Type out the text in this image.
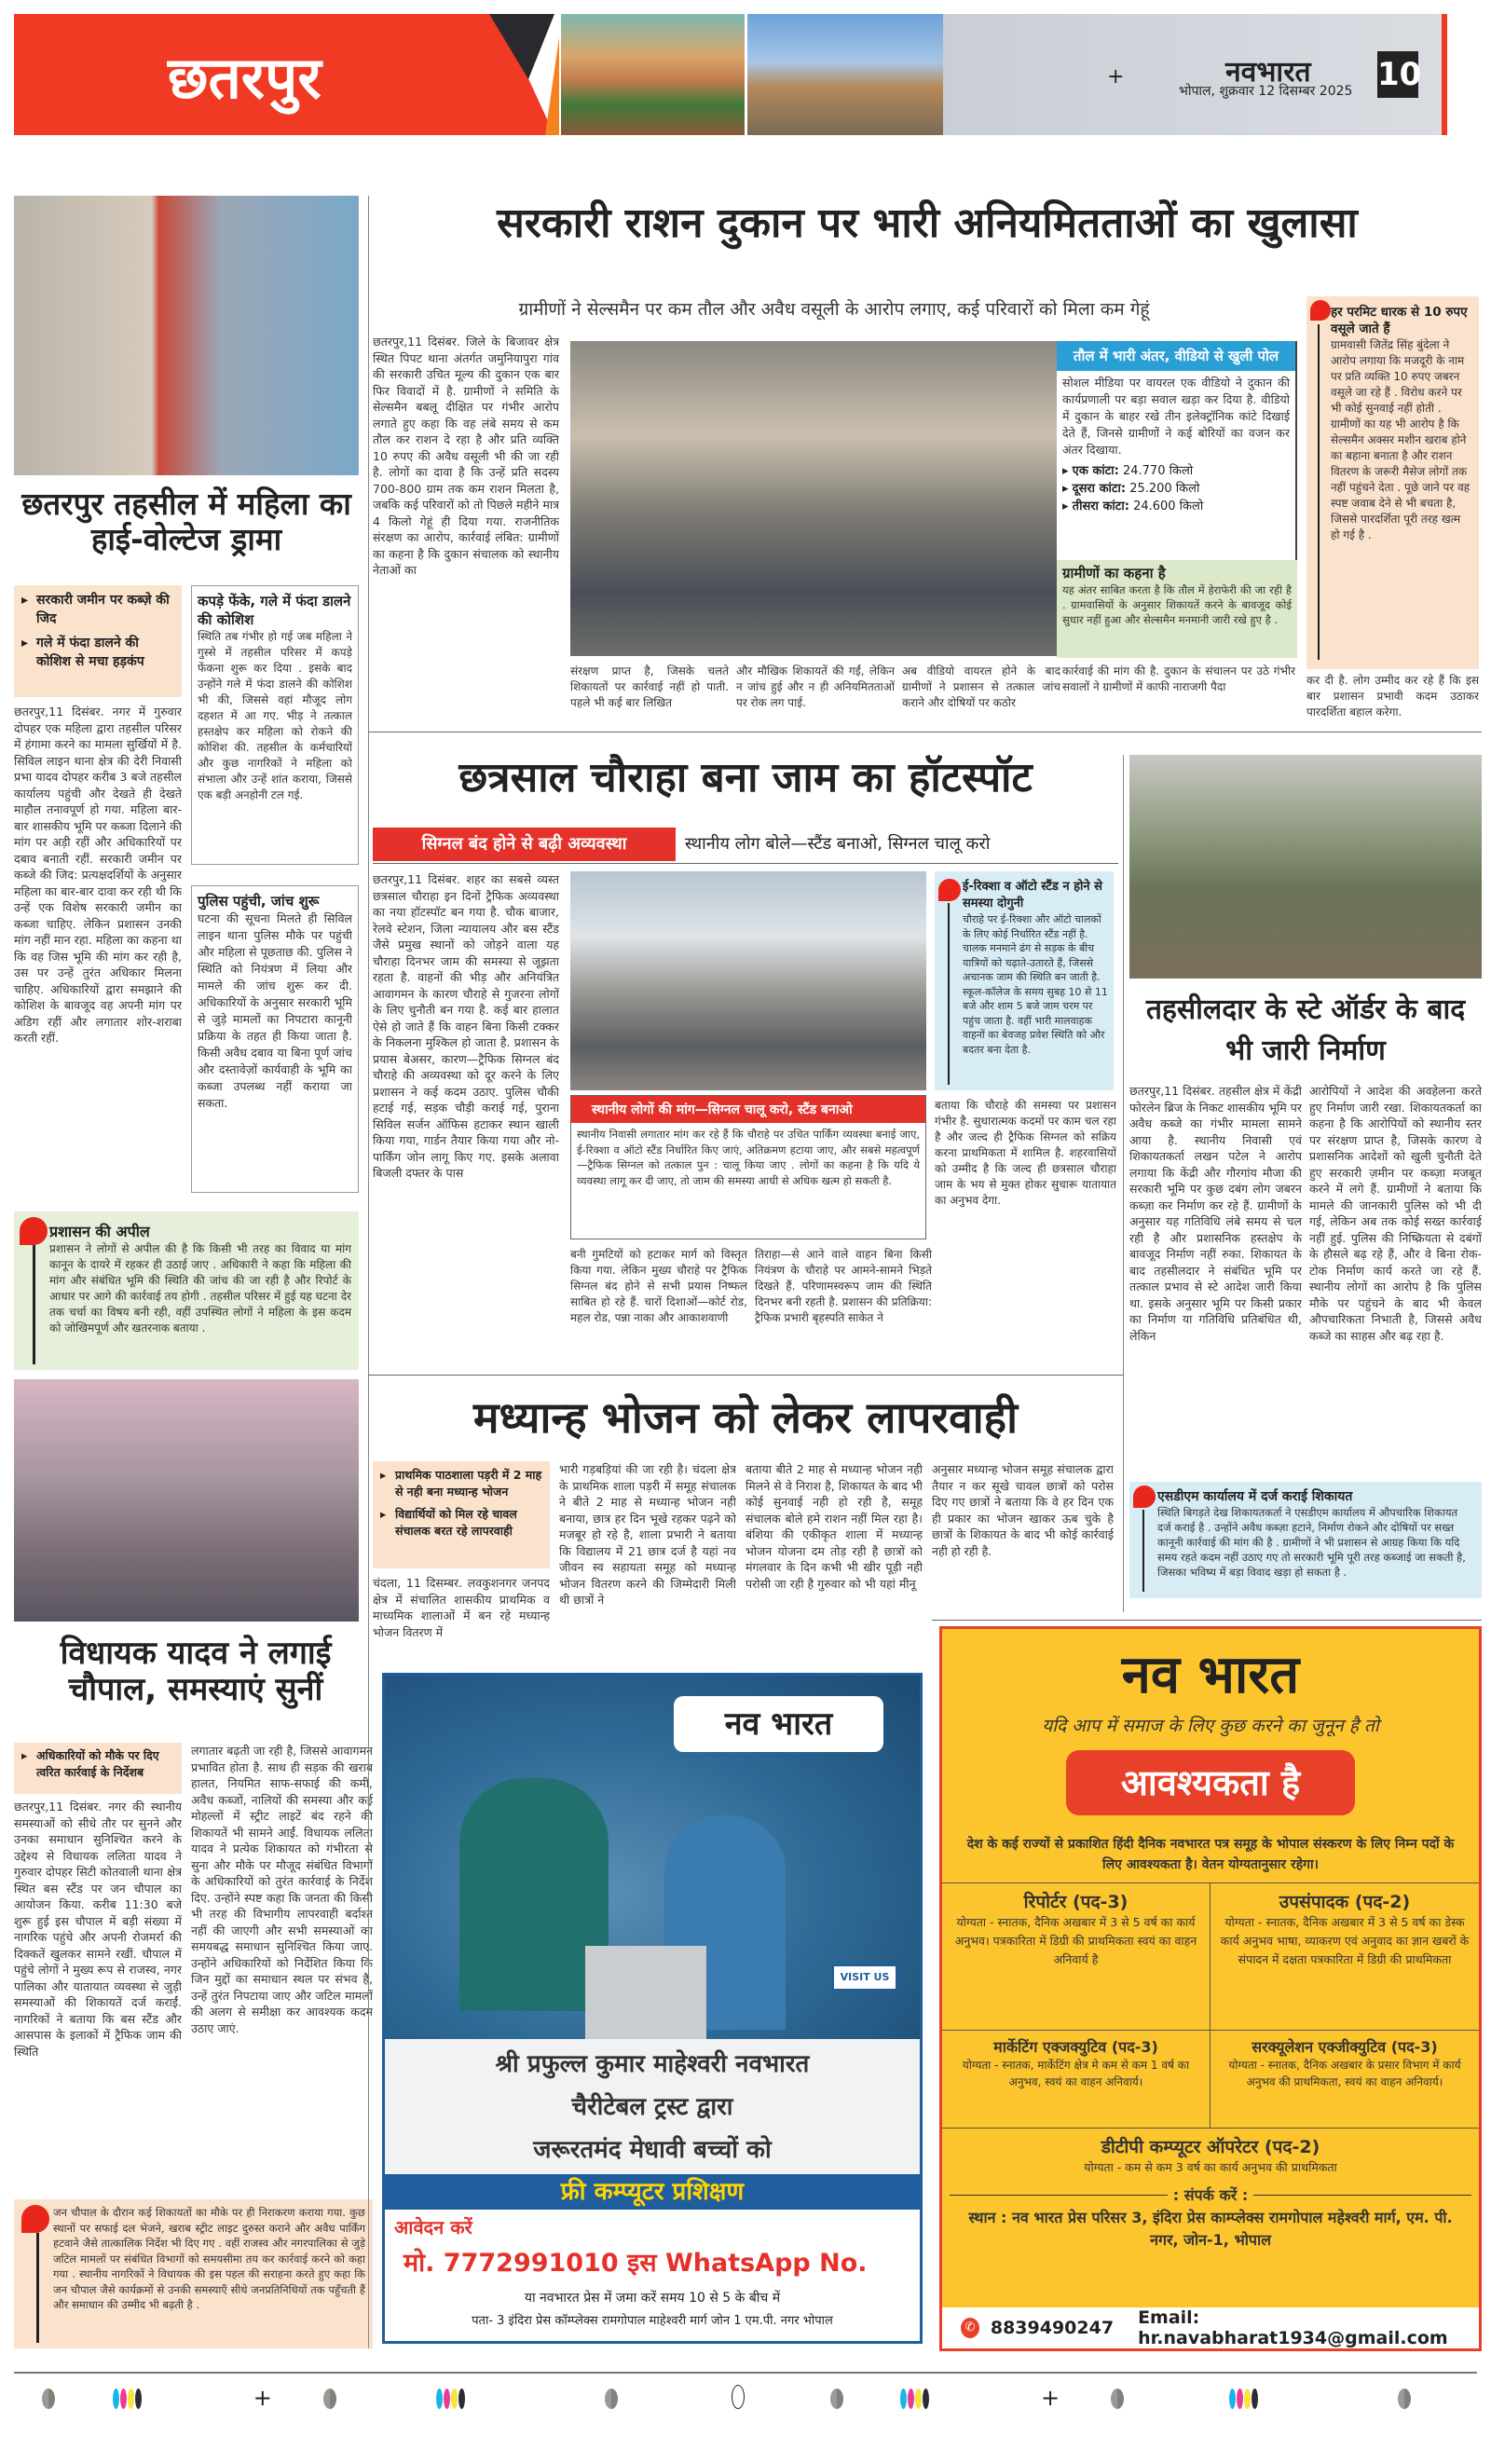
छतरपुर	+	नवभारत
भोपाल, शुक्रवार 12 दिसम्बर 2025 10
छतरपुर तहसील में महिला का हाई-वोल्टेज ड्रामा
▸ सरकारी जमीन पर कब्ज़े की जिद
▸ गले में फंदा डालने की कोशिश से मचा हड़कंप
छतरपुर,11 दिसंबर. नगर में गुरुवार दोपहर एक महिला द्वारा तहसील परिसर में हंगामा करने का मामला सुर्खियों में है. सिविल लाइन थाना क्षेत्र की देरी निवासी प्रभा यादव दोपहर करीब 3 बजे तहसील कार्यालय पहुंची और देखते ही देखते माहौल तनावपूर्ण हो गया. महिला बार-बार शासकीय भूमि पर कब्जा दिलाने की मांग पर अड़ी रहीं और अधिकारियों पर दबाव बनाती रहीं. सरकारी जमीन पर कब्जे की जिद: प्रत्यक्षदर्शियों के अनुसार महिला का बार-बार दावा कर रही थी कि उन्हें एक विशेष सरकारी जमीन का कब्जा चाहिए. लेकिन प्रशासन उनकी मांग नहीं मान रहा. महिला का कहना था कि वह जिस भूमि की मांग कर रही है, उस पर उन्हें तुरंत अधिकार मिलना चाहिए. अधिकारियों द्वारा समझाने की कोशिश के बावजूद वह अपनी मांग पर अडिग रहीं और लगातार शोर-शराबा करती रहीं.
कपड़े फेंके, गले में फंदा डालने की कोशिश
स्थिति तब गंभीर हो गई जब महिला ने गुस्से में तहसील परिसर में कपड़े फेंकना शुरू कर दिया . इसके बाद उन्होंने गले में फंदा डालने की कोशिश भी की, जिससे वहां मौजूद लोग दहशत में आ गए. भीड़ ने तत्काल हस्तक्षेप कर महिला को रोकने की कोशिश की. तहसील के कर्मचारियों और कुछ नागरिकों ने महिला को संभाला और उन्हें शांत कराया, जिससे एक बड़ी अनहोनी टल गई.
पुलिस पहुंची, जांच शुरू
घटना की सूचना मिलते ही सिविल लाइन थाना पुलिस मौके पर पहुंची और महिला से पूछताछ की. पुलिस ने स्थिति को नियंत्रण में लिया और मामले की जांच शुरू कर दी. अधिकारियों के अनुसार सरकारी भूमि से जुड़े मामलों का निपटारा कानूनी प्रक्रिया के तहत ही किया जाता है. किसी अवैध दबाव या बिना पूर्ण जांच और दस्तावेज़ों कार्यवाही के भूमि का कब्जा उपलब्ध नहीं कराया जा सकता.
प्रशासन की अपील
प्रशासन ने लोगों से अपील की है कि किसी भी तरह का विवाद या मांग कानून के दायरे में रहकर ही उठाई जाए . अधिकारी ने कहा कि महिला की मांग और संबंधित भूमि की स्थिति की जांच की जा रही है और रिपोर्ट के आधार पर आगे की कार्रवाई तय होगी . तहसील परिसर में हुई यह घटना देर तक चर्चा का विषय बनी रही, वहीं उपस्थित लोगों ने महिला के इस कदम को जोखिमपूर्ण और खतरनाक बताया .
विधायक यादव ने लगाई चौपाल, समस्याएं सुनीं
▸ अधिकारियों को मौके पर दिए त्वरित कार्रवाई के निर्देशब
छतरपुर,11 दिसंबर. नगर की स्थानीय समस्याओं को सीधे तौर पर सुनने और उनका समाधान सुनिश्चित करने के उद्देश्य से विधायक ललिता यादव ने गुरुवार दोपहर सिटी कोतवाली थाना क्षेत्र स्थित बस स्टैंड पर जन चौपाल का आयोजन किया. करीब 11:30 बजे शुरू हुई इस चौपाल में बड़ी संख्या में नागरिक पहुंचे और अपनी रोजमर्रा की दिक्कतें खुलकर सामने रखीं. चौपाल में पहुंचे लोगों ने मुख्य रूप से राजस्व, नगर पालिका और यातायात व्यवस्था से जुड़ी समस्याओं की शिकायतें दर्ज कराईं. नागरिकों ने बताया कि बस स्टैंड और आसपास के इलाकों में ट्रैफिक जाम की स्थिति
लगातार बढ़ती जा रही है, जिससे आवागमन प्रभावित होता है. साथ ही सड़क की खराब हालत, नियमित साफ-सफाई की कमी, अवैध कब्जों, नालियों की समस्या और कई मोहल्लों में स्ट्रीट लाइटें बंद रहने की शिकायतें भी सामने आईं. विधायक ललिता यादव ने प्रत्येक शिकायत को गंभीरता से सुना और मौके पर मौजूद संबंधित विभागों के अधिकारियों को तुरंत कार्रवाई के निर्देश दिए. उन्होंने स्पष्ट कहा कि जनता की किसी भी तरह की विभागीय लापरवाही बर्दाश्त नहीं की जाएगी और सभी समस्याओं का समयबद्ध समाधान सुनिश्चित किया जाए. उन्होंने अधिकारियों को निर्देशित किया कि जिन मुद्दों का समाधान स्थल पर संभव है, उन्हें तुरंत निपटाया जाए और जटिल मामलों की अलग से समीक्षा कर आवश्यक कदम उठाए जाएं.
जन चौपाल के दौरान कई शिकायतों का मौके पर ही निराकरण कराया गया. कुछ स्थानों पर सफाई दल भेजने, खराब स्ट्रीट लाइट दुरुस्त कराने और अवैध पार्किंग हटवाने जैसे तात्कालिक निर्देश भी दिए गए . वहीं राजस्व और नगरपालिका से जुड़े जटिल मामलों पर संबंधित विभागों को समयसीमा तय कर कार्रवाई करने को कहा गया . स्थानीय नागरिकों ने विधायक की इस पहल की सराहना करते हुए कहा कि जन चौपाल जैसे कार्यक्रमों से उनकी समस्याएँ सीधे जनप्रतिनिधियों तक पहुँचती हैं और समाधान की उम्मीद भी बढ़ती है .
सरकारी राशन दुकान पर भारी अनियमितताओं का खुलासा
ग्रामीणों ने सेल्समैन पर कम तौल और अवैध वसूली के आरोप लगाए, कई परिवारों को मिला कम गेहूं
छतरपुर,11 दिसंबर. जिले के बिजावर क्षेत्र स्थित पिपट थाना अंतर्गत जमुनियापुरा गांव की सरकारी उचित मूल्य की दुकान एक बार फिर विवादों में है. ग्रामीणों ने समिति के सेल्समैन बबलू दीक्षित पर गंभीर आरोप लगाते हुए कहा कि वह लंबे समय से कम तौल कर राशन दे रहा है और प्रति व्यक्ति 10 रुपए की अवैध वसूली भी की जा रही है. लोगों का दावा है कि उन्हें प्रति सदस्य 700-800 ग्राम तक कम राशन मिलता है, जबकि कई परिवारों को तो पिछले महीने मात्र 4 किलो गेहूं ही दिया गया. राजनीतिक संरक्षण का आरोप, कार्रवाई लंबित: ग्रामीणों का कहना है कि दुकान संचालक को स्थानीय नेताओं का
संरक्षण प्राप्त है, जिसके चलते शिकायतों पर कार्रवाई नहीं हो पाती. पहले भी कई बार लिखित
और मौखिक शिकायतें की गईं, लेकिन न जांच हुई और न ही अनियमितताओं पर रोक लग पाई.
अब वीडियो वायरल होने के बाद ग्रामीणों ने प्रशासन से तत्काल जांच कराने और दोषियों पर कठोर
तौल में भारी अंतर, वीडियो से खुली पोल
सोशल मीडिया पर वायरल एक वीडियो ने दुकान की कार्यप्रणाली पर बड़ा सवाल खड़ा कर दिया है. वीडियो में दुकान के बाहर रखे तीन इलेक्ट्रॉनिक कांटे दिखाई देते हैं, जिनसे ग्रामीणों ने कई बोरियों का वजन कर अंतर दिखाया.
▸ एक कांटा: 24.770 किलो
▸ दूसरा कांटा: 25.200 किलो
▸ तीसरा कांटा: 24.600 किलो
ग्रामीणों का कहना है
यह अंतर साबित करता है कि तौल में हेराफेरी की जा रही है . ग्रामवासियों के अनुसार शिकायतें करने के बावजूद कोई सुधार नहीं हुआ और सेल्समैन मनमानी जारी रखे हुए है .
कार्रवाई की मांग की है. दुकान के संचालन पर उठे गंभीर सवालों ने ग्रामीणों में काफी नाराजगी पैदा
हर परमिट धारक से 10 रुपए वसूले जाते हैं
ग्रामवासी जितेंद्र सिंह बुंदेला ने आरोप लगाया कि मजदूरी के नाम पर प्रति व्यक्ति 10 रुपए जबरन वसूले जा रहे हैं . विरोध करने पर भी कोई सुनवाई नहीं होती . ग्रामीणों का यह भी आरोप है कि सेल्समैन अक्सर मशीन खराब होने का बहाना बनाता है और राशन वितरण के जरूरी मैसेज लोगों तक नहीं पहुंचने देता . पूछे जाने पर वह स्पष्ट जवाब देने से भी बचता है, जिससे पारदर्शिता पूरी तरह खत्म हो गई है .
कर दी है. लोग उम्मीद कर रहे हैं कि इस बार प्रशासन प्रभावी कदम उठाकर पारदर्शिता बहाल करेगा.
छत्रसाल चौराहा बना जाम का हॉटस्पॉट
सिग्नल बंद होने से बढ़ी अव्यवस्था	स्थानीय लोग बोले—स्टैंड बनाओ, सिग्नल चालू करो
छतरपुर,11 दिसंबर. शहर का सबसे व्यस्त छत्रसाल चौराहा इन दिनों ट्रैफिक अव्यवस्था का नया हॉटस्पॉट बन गया है. चौक बाजार, रेलवे स्टेशन, जिला न्यायालय और बस स्टैंड जैसे प्रमुख स्थानों को जोड़ने वाला यह चौराहा दिनभर जाम की समस्या से जूझता रहता है. वाहनों की भीड़ और अनियंत्रित आवागमन के कारण चौराहे से गुजरना लोगों के लिए चुनौती बन गया है. कई बार हालात ऐसे हो जाते हैं कि वाहन बिना किसी टक्कर के निकलना मुश्किल हो जाता है. प्रशासन के प्रयास बेअसर, कारण—ट्रैफिक सिग्नल बंद चौराहे की अव्यवस्था को दूर करने के लिए प्रशासन ने कई कदम उठाए. पुलिस चौकी हटाई गई, सड़क चौड़ी कराई गई, पुराना सिविल सर्जन ऑफिस हटाकर स्थान खाली किया गया, गार्डन तैयार किया गया और नो-पार्किंग जोन लागू किए गए. इसके अलावा बिजली दफ्तर के पास
स्थानीय लोगों की मांग—सिग्नल चालू करो, स्टैंड बनाओ
स्थानीय निवासी लगातार मांग कर रहे हैं कि चौराहे पर उचित पार्किंग व्यवस्था बनाई जाए, ई-रिक्शा व ऑटो स्टैंड निर्धारित किए जाएं, अतिक्रमण हटाया जाए, और सबसे महत्वपूर्ण—ट्रैफिक सिग्नल को तत्काल पुन : चालू किया जाए . लोगों का कहना है कि यदि ये व्यवस्था लागू कर दी जाए, तो जाम की समस्या आधी से अधिक खत्म हो सकती है.
बनी गुमटियों को हटाकर मार्ग को विस्तृत किया गया. लेकिन मुख्य चौराहे पर ट्रैफिक सिग्नल बंद होने से सभी प्रयास निष्फल साबित हो रहे हैं. चारों दिशाओं—कोर्ट रोड, महल रोड, पन्ना नाका और आकाशवाणी
तिराहा—से आने वाले वाहन बिना किसी नियंत्रण के चौराहे पर आमने-सामने भिड़ते दिखते हैं. परिणामस्वरूप जाम की स्थिति दिनभर बनी रहती है. प्रशासन की प्रतिक्रिया: ट्रैफिक प्रभारी बृहस्पति साकेत ने
ई-रिक्शा व ऑटो स्टैंड न होने से समस्या दोगुनी
चौराहे पर ई-रिक्शा और ऑटो चालकों के लिए कोई निर्धारित स्टैंड नहीं है. चालक मनमाने ढंग से सड़क के बीच यात्रियों को चढ़ाते-उतारते हैं, जिससे अचानक जाम की स्थिति बन जाती है. स्कूल-कॉलेज के समय सुबह 10 से 11 बजे और शाम 5 बजे जाम चरम पर पहुंच जाता है. वहीं भारी मालवाहक वाहनों का बेवजह प्रवेश स्थिति को और बदतर बना देता है.
बताया कि चौराहे की समस्या पर प्रशासन गंभीर है. सुधारात्मक कदमों पर काम चल रहा है और जल्द ही ट्रैफिक सिग्नल को सक्रिय करना प्राथमिकता में शामिल है. शहरवासियों को उम्मीद है कि जल्द ही छत्रसाल चौराहा जाम के भय से मुक्त होकर सुचारू यातायात का अनुभव देगा.
तहसीलदार के स्टे ऑर्डर के बाद भी जारी निर्माण
छतरपुर,11 दिसंबर. तहसील क्षेत्र में केंद्री फोरलेन ब्रिज के निकट शासकीय भूमि पर अवैध कब्जे का गंभीर मामला सामने आया है. स्थानीय निवासी एवं शिकायतकर्ता लखन पटेल ने आरोप लगाया कि केंद्री और गौरगांय मौजा की सरकारी भूमि पर कुछ दबंग लोग जबरन कब्ज़ा कर निर्माण कर रहे हैं. ग्रामीणों के अनुसार यह गतिविधि लंबे समय से चल रही है और प्रशासनिक हस्तक्षेप के बावजूद निर्माण नहीं रुका. शिकायत के बाद तहसीलदार ने संबंधित भूमि पर तत्काल प्रभाव से स्टे आदेश जारी किया था. इसके अनुसार भूमि पर किसी प्रकार का निर्माण या गतिविधि प्रतिबंधित थी, लेकिन
आरोपियों ने आदेश की अवहेलना करते हुए निर्माण जारी रखा. शिकायतकर्ता का कहना है कि आरोपियों को स्थानीय स्तर पर संरक्षण प्राप्त है, जिसके कारण वे प्रशासनिक आदेशों को खुली चुनौती देते हुए सरकारी ज़मीन पर कब्ज़ा मजबूत करने में लगे हैं. ग्रामीणों ने बताया कि मामले की जानकारी पुलिस को भी दी गई, लेकिन अब तक कोई सख्त कार्रवाई नहीं हुई. पुलिस की निष्क्रियता से दबंगों के हौसले बढ़ रहे हैं, और वे बिना रोक-टोक निर्माण कार्य करते जा रहे हैं. स्थानीय लोगों का आरोप है कि पुलिस मौके पर पहुंचने के बाद भी केवल औपचारिकता निभाती है, जिससे अवैध कब्जे का साहस और बढ़ रहा है.
एसडीएम कार्यालय में दर्ज कराई शिकायत
स्थिति बिगड़ते देख शिकायतकर्ता ने एसडीएम कार्यालय में औपचारिक शिकायत दर्ज कराई है . उन्होंने अवैध कब्ज़ा हटाने, निर्माण रोकने और दोषियों पर सख्त कानूनी कार्रवाई की मांग की है . ग्रामीणों ने भी प्रशासन से आग्रह किया कि यदि समय रहते कदम नहीं उठाए गए तो सरकारी भूमि पूरी तरह कब्जाई जा सकती है, जिसका भविष्य में बड़ा विवाद खड़ा हो सकता है .
मध्यान्ह भोजन को लेकर लापरवाही
▸ प्राथमिक पाठशाला पड़री में 2 माह से नही बना मध्यान्ह भोजन
▸ विद्यार्थियों को मिल रहे चावल संचालक बरत रहे लापरवाही
चंदला, 11 दिसम्बर. लवकुशनगर जनपद क्षेत्र में संचालित शासकीय प्राथमिक व माध्यमिक शालाओं में बन रहे मध्यान्ह भोजन वितरण में
भारी गड़बड़ियां की जा रही है। चंदला क्षेत्र के प्राथमिक शाला पड़री में समूह संचालक ने बीते 2 माह से मध्यान्ह भोजन नही बनाया, छात्र हर दिन भूखे रहकर पढ़ने को मजबूर हो रहे है, शाला प्रभारी ने बताया कि विद्यालय में 21 छात्र दर्ज है यहां नव जीवन स्व सहायता समूह को मध्यान्ह भोजन वितरण करने की जिम्मेदारी मिली थी छात्रों ने
बताया बीते 2 माह से मध्यान्ह भोजन नही मिलने से वे निराश है, शिकायत के बाद भी कोई सुनवाई नही हो रही है, समूह संचालक बोले हमे राशन नहीं मिल रहा है। बंशिया की एकीकृत शाला में मध्यान्ह भोजन योजना दम तोड़ रही है छात्रों को मंगलवार के दिन कभी भी खीर पूड़ी नही परोसी जा रही है गुरुवार को भी यहां मीनू
अनुसार मध्यान्ह भोजन समूह संचालक द्वारा तैयार न कर सूखे चावल छात्रों को परोस दिए गए छात्रों ने बताया कि वे हर दिन एक ही प्रकार का भोजन खाकर ऊब चुके है छात्रों के शिकायत के बाद भी कोई कार्रवाई नही हो रही है.
नव भारत
VISIT US
श्री प्रफुल्ल कुमार माहेश्वरी नवभारत
चैरीटेबल ट्रस्ट द्वारा
जरूरतमंद मेधावी बच्चों को
फ्री कम्प्यूटर प्रशिक्षण
आवेदन करें
मो. 7772991010 इस WhatsApp No.
या नवभारत प्रेस में जमा करें समय 10 से 5 के बीच में
पता- 3 इंदिरा प्रेस कॉम्प्लेक्स रामगोपाल माहेश्वरी मार्ग जोन 1 एम.पी. नगर भोपाल
नव भारत
यदि आप में समाज के लिए कुछ करने का जुनून है तो
आवश्यकता है
देश के कई राज्यों से प्रकाशित हिंदी दैनिक नवभारत पत्र समूह के भोपाल संस्करण के लिए निम्न पदों के लिए आवश्यकता है। वेतन योग्यतानुसार रहेगा।
रिपोर्टर (पद-3)
योग्यता - स्नातक, दैनिक अखबार में 3 से 5 वर्ष का कार्य अनुभव। पत्रकारिता में डिग्री की प्राथमिकता स्वयं का वाहन अनिवार्य है
उपसंपादक (पद-2)
योग्यता - स्नातक, दैनिक अखबार में 3 से 5 वर्ष का डेस्क कार्य अनुभव भाषा, व्याकरण एवं अनुवाद का ज्ञान खबरों के संपादन में दक्षता पत्रकारिता में डिग्री की प्राथमिकता
मार्केटिंग एक्जक्युटिव (पद-3)
योग्यता - स्नातक, मार्केटिंग क्षेत्र मे कम से कम 1 वर्ष का अनुभव, स्वयं का वाहन अनिवार्य।
सरक्यूलेशन एक्जीक्युटिव (पद-3)
योग्यता - स्नातक, दैनिक अखबार के प्रसार विभाग में कार्य अनुभव की प्राथमिकता, स्वयं का वाहन अनिवार्य।
डीटीपी कम्प्यूटर ऑपरेटर (पद-2)
योग्यता - कम से कम 3 वर्ष का कार्य अनुभव की प्राथमिकता
: संपर्क करें :
स्थान : नव भारत प्रेस परिसर 3, इंदिरा प्रेस काम्प्लेक्स रामगोपाल महेश्वरी मार्ग, एम. पी. नगर, जोन-1, भोपाल
✆ 8839490247 Email: hr.navabharat1934@gmail.com
+	+
